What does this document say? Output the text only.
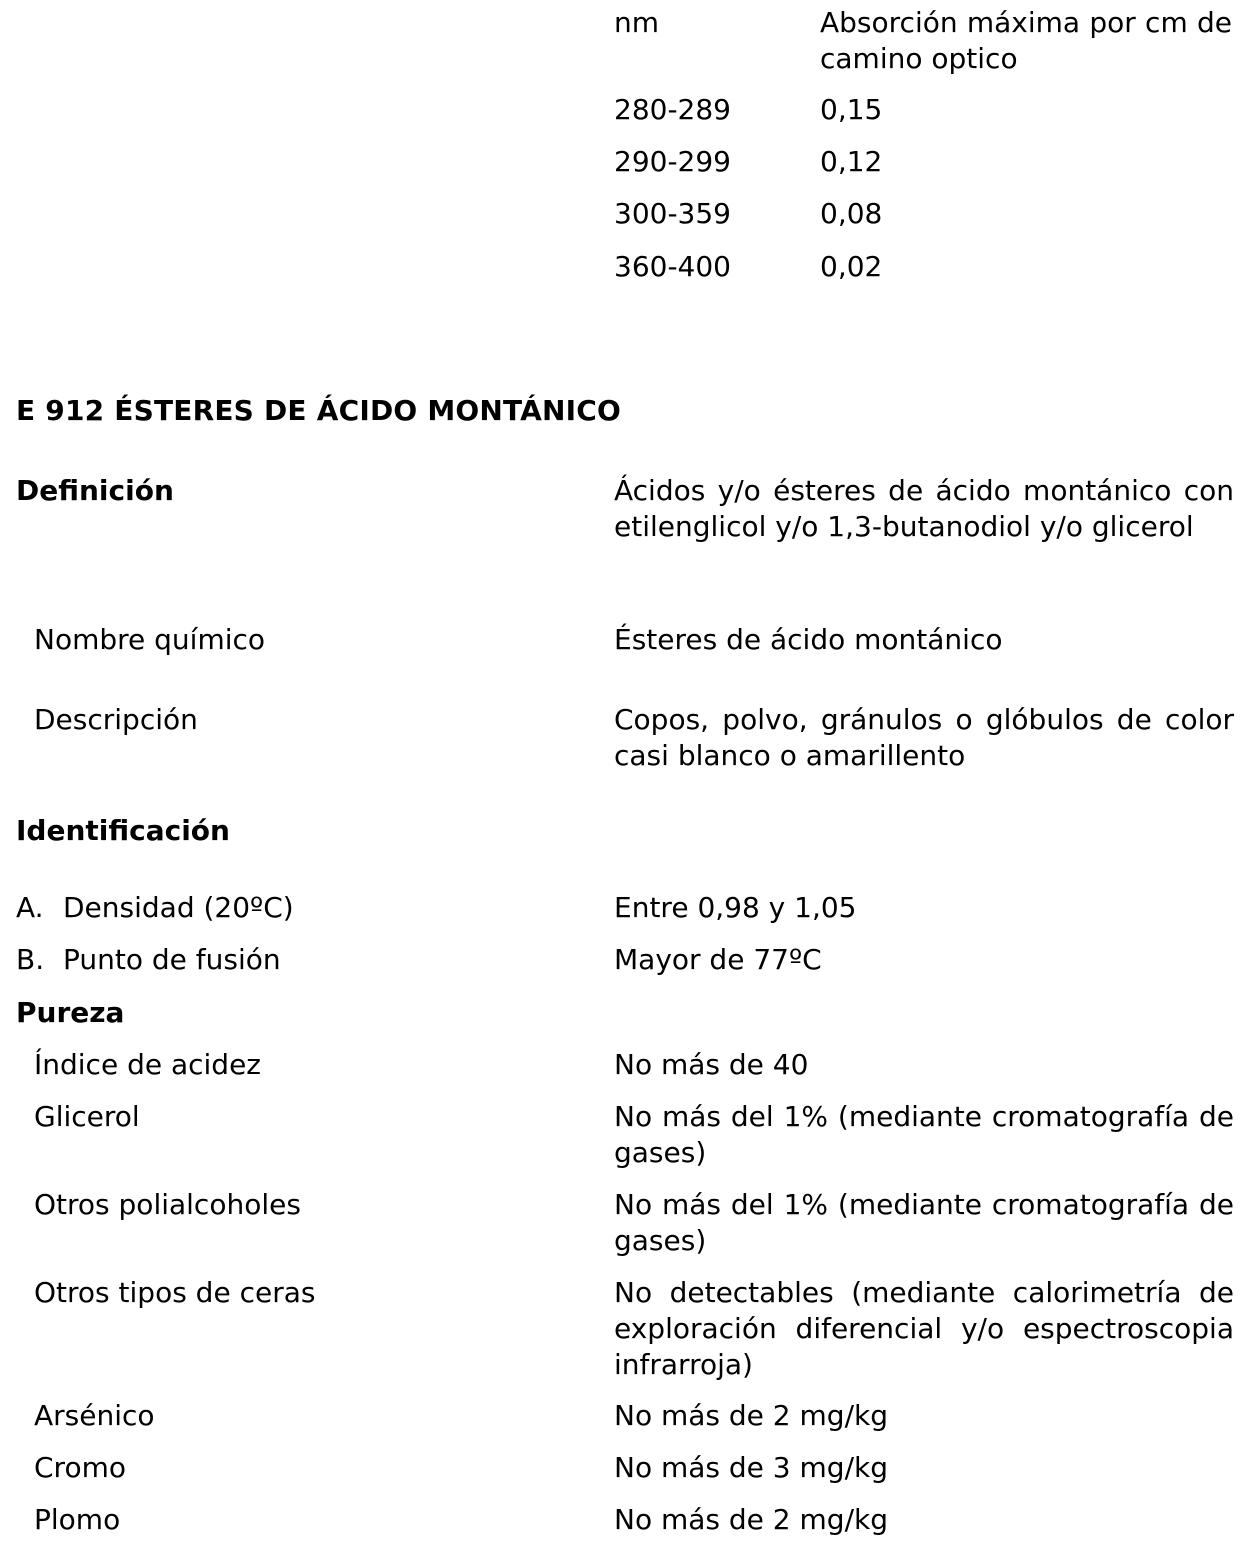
nm	Absorción máxima por cm de camino optico
280-289	0,15
290-299	0,12
300-359	0,08
360-400	0,02
E 912 ÉSTERES DE ÁCIDO MONTÁNICO
Definición	Ácidos y/o ésteres de ácido montánico con etilenglicol y/o 1,3-butanodiol y/o glicerol
Nombre químico	Ésteres de ácido montánico
Descripción	Copos, polvo, gránulos o glóbulos de color casi blanco o amarillento
Identificación
A. Densidad (20ºC)	Entre 0,98 y 1,05
B. Punto de fusión	Mayor de 77ºC
Pureza
Índice de acidez	No más de 40
Glicerol	No más del 1% (mediante cromatografía de gases)
Otros polialcoholes	No más del 1% (mediante cromatografía de gases)
Otros tipos de ceras	No detectables (mediante calorimetría de exploración diferencial y/o espectroscopia infrarroja)
Arsénico	No más de 2 mg/kg
Cromo	No más de 3 mg/kg
Plomo	No más de 2 mg/kg
